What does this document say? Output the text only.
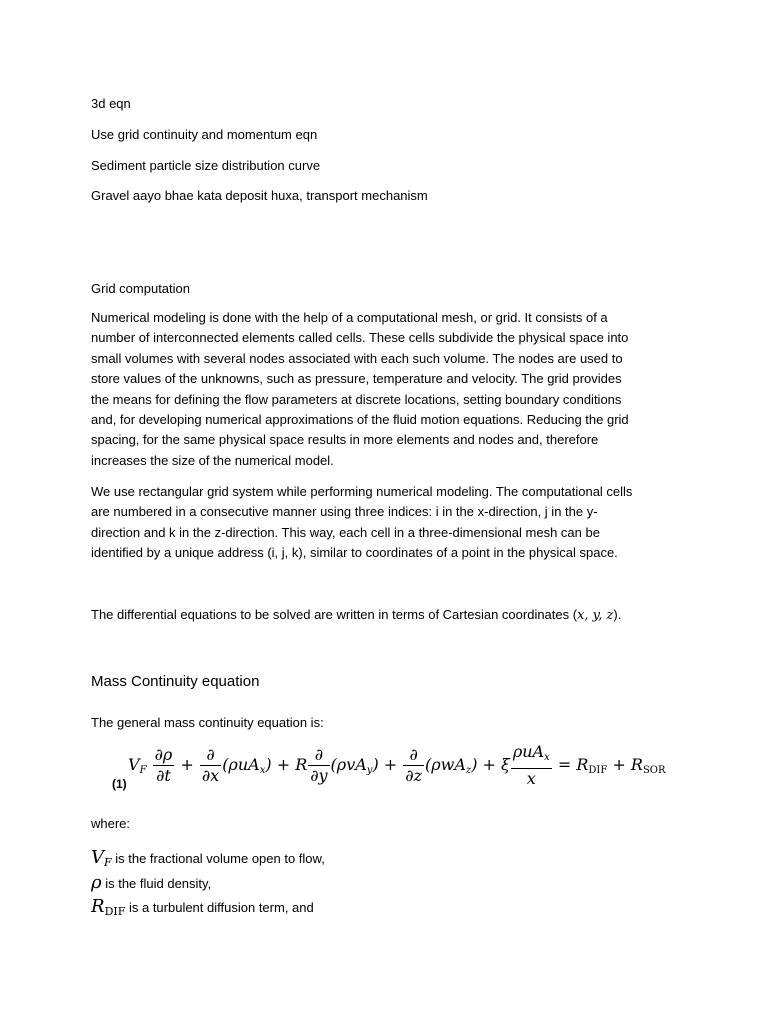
3d eqn
Use grid continuity and momentum eqn
Sediment particle size distribution curve
Gravel aayo bhae kata deposit huxa, transport mechanism
Grid computation
Numerical modeling is done with the help of a computational mesh, or grid. It consists of a
number of interconnected elements called cells. These cells subdivide the physical space into
small volumes with several nodes associated with each such volume. The nodes are used to
store values of the unknowns, such as pressure, temperature and velocity. The grid provides
the means for defining the flow parameters at discrete locations, setting boundary conditions
and, for developing numerical approximations of the fluid motion equations. Reducing the grid
spacing, for the same physical space results in more elements and nodes and, therefore
increases the size of the numerical model.
We use rectangular grid system while performing numerical modeling. The computational cells
are numbered in a consecutive manner using three indices: i in the x-direction, j in the y-
direction and k in the z-direction. This way, each cell in a three-dimensional mesh can be
identified by a unique address (i, j, k), similar to coordinates of a point in the physical space.
The differential equations to be solved are written in terms of Cartesian coordinates (x, y, z).
Mass Continuity equation
The general mass continuity equation is:
$V_F \frac{\partial\rho}{\partial t} + \frac{\partial}{\partial x} (\rho uA_x) + R \frac{\partial}{\partial y} (\rho vA_y) + \frac{\partial}{\partial z} (\rho wA_z) + \xi \frac{\rho uA_x}{x}$ = RDIF + RSOR
(1)
where:
VF is the fractional volume open to flow,
ρ is the fluid density,
RDIF is a turbulent diffusion term, and
